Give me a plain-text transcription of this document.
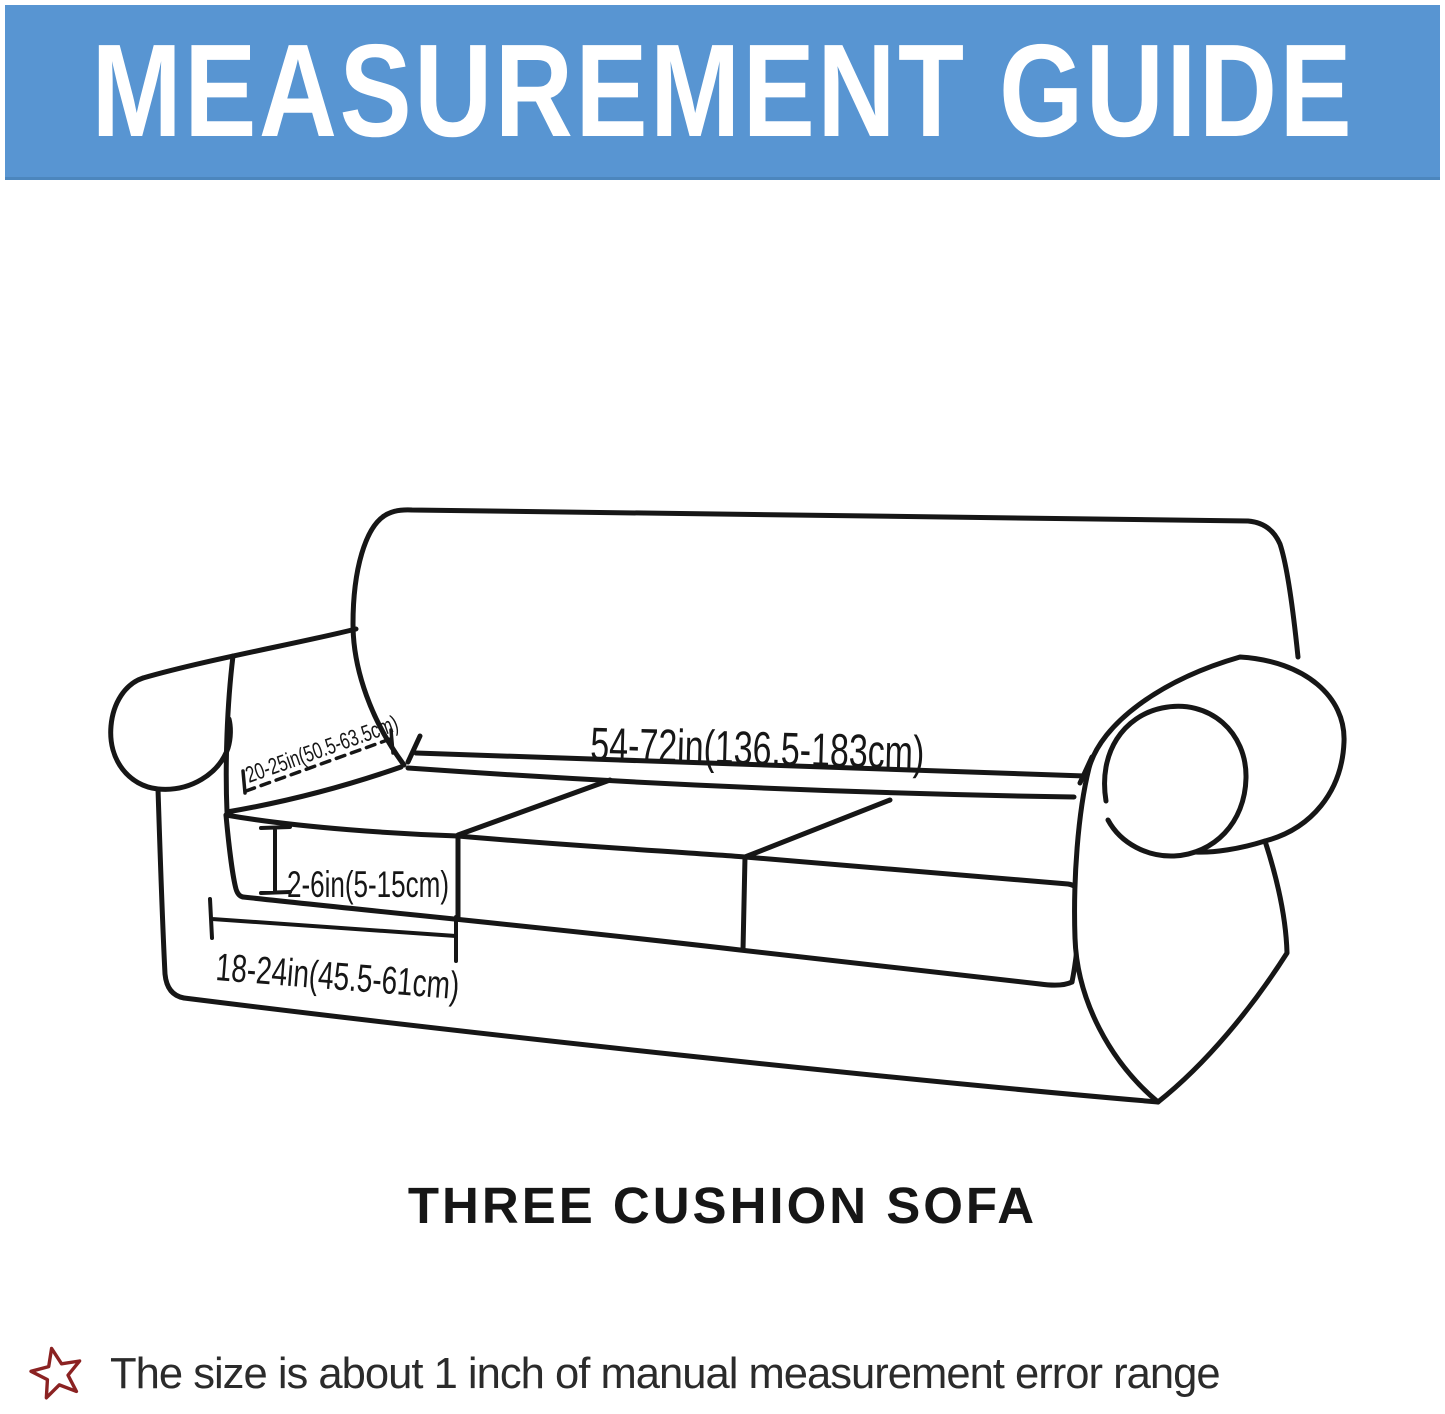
MEASUREMENT GUIDE
20-25in(50.5-63.5cm)	54-72in(136.5-183cm)
2-6in(5-15cm)
18-24in(45.5-61cm)
THREE CUSHION SOFA
The size is about 1 inch of manual measurement error range
